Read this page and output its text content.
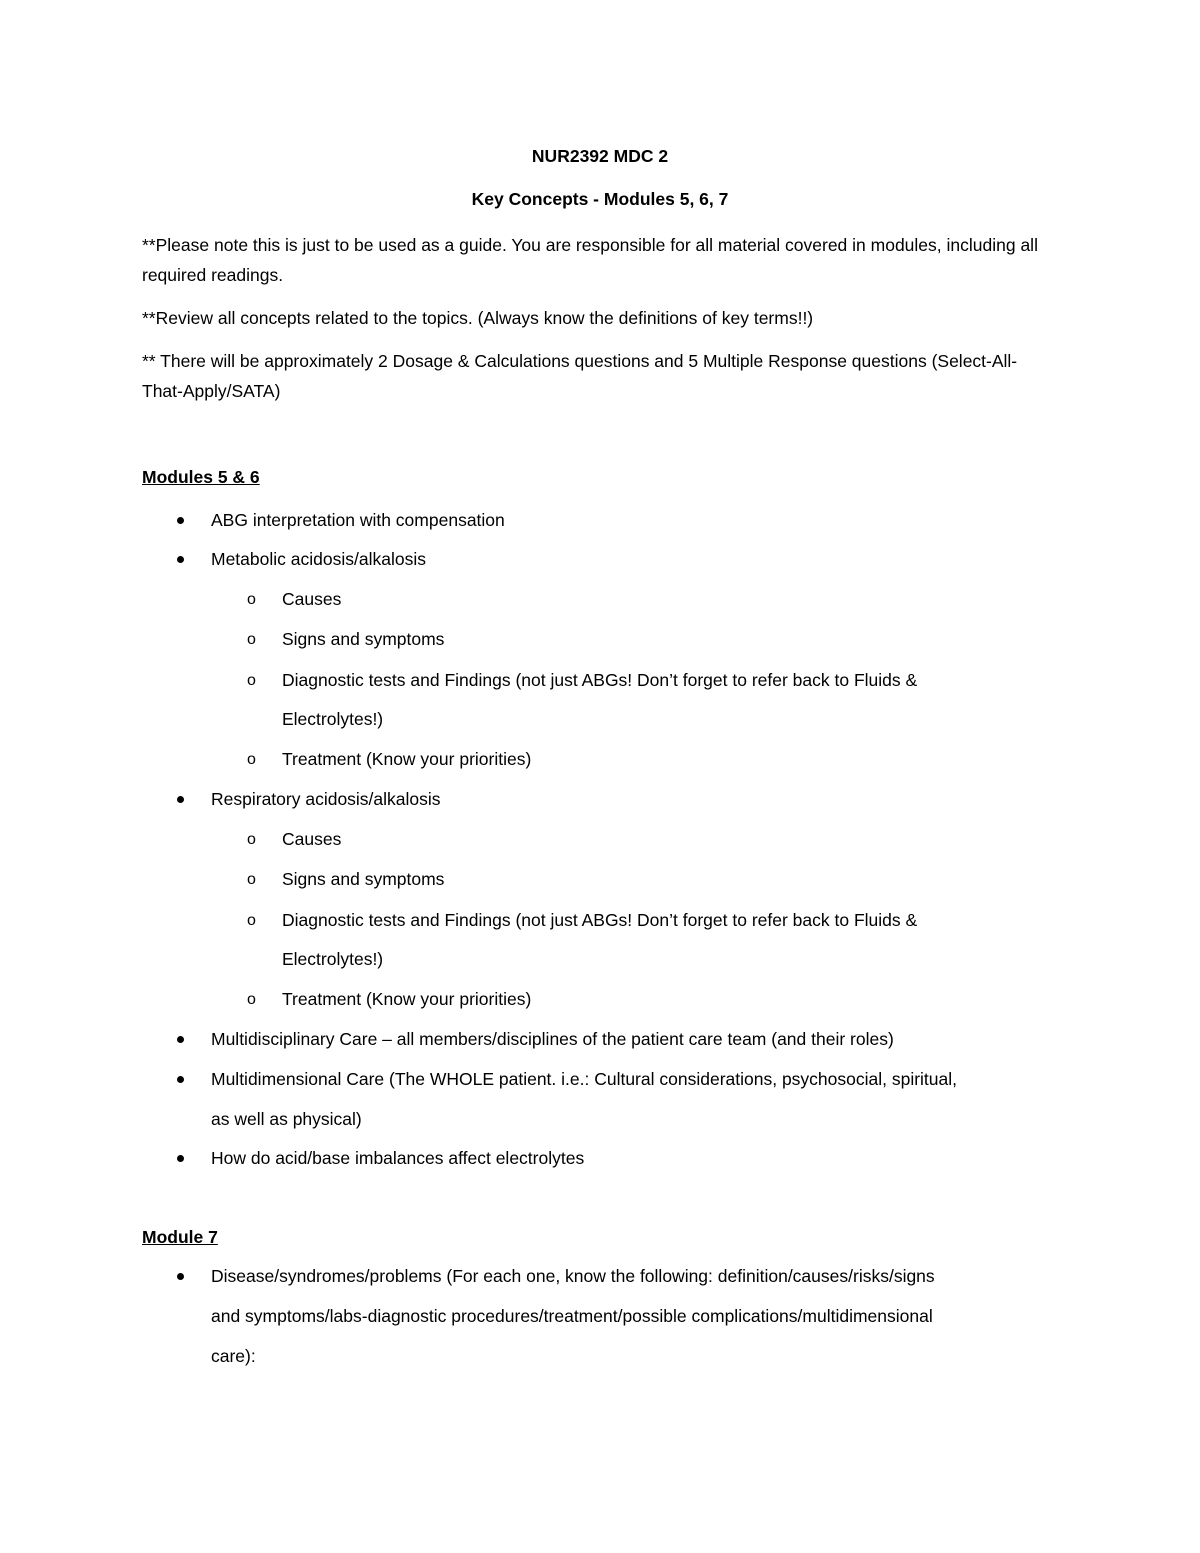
NUR2392 MDC 2
Key Concepts - Modules 5, 6, 7
**Please note this is just to be used as a guide. You are responsible for all material covered in modules, including all required readings.
**Review all concepts related to the topics. (Always know the definitions of key terms!!)
** There will be approximately 2 Dosage & Calculations questions and 5 Multiple Response questions (Select-All-That-Apply/SATA)
Modules 5 & 6
ABG interpretation with compensation
Metabolic acidosis/alkalosis
o Causes
o Signs and symptoms
o Diagnostic tests and Findings (not just ABGs! Don’t forget to refer back to Fluids &
Electrolytes!)
o Treatment (Know your priorities)
Respiratory acidosis/alkalosis
o Causes
o Signs and symptoms
o Diagnostic tests and Findings (not just ABGs! Don’t forget to refer back to Fluids &
Electrolytes!)
o Treatment (Know your priorities)
Multidisciplinary Care – all members/disciplines of the patient care team (and their roles)
Multidimensional Care (The WHOLE patient. i.e.: Cultural considerations, psychosocial, spiritual,
as well as physical)
How do acid/base imbalances affect electrolytes
Module 7
Disease/syndromes/problems (For each one, know the following: definition/causes/risks/signs
and symptoms/labs-diagnostic procedures/treatment/possible complications/multidimensional
care):
